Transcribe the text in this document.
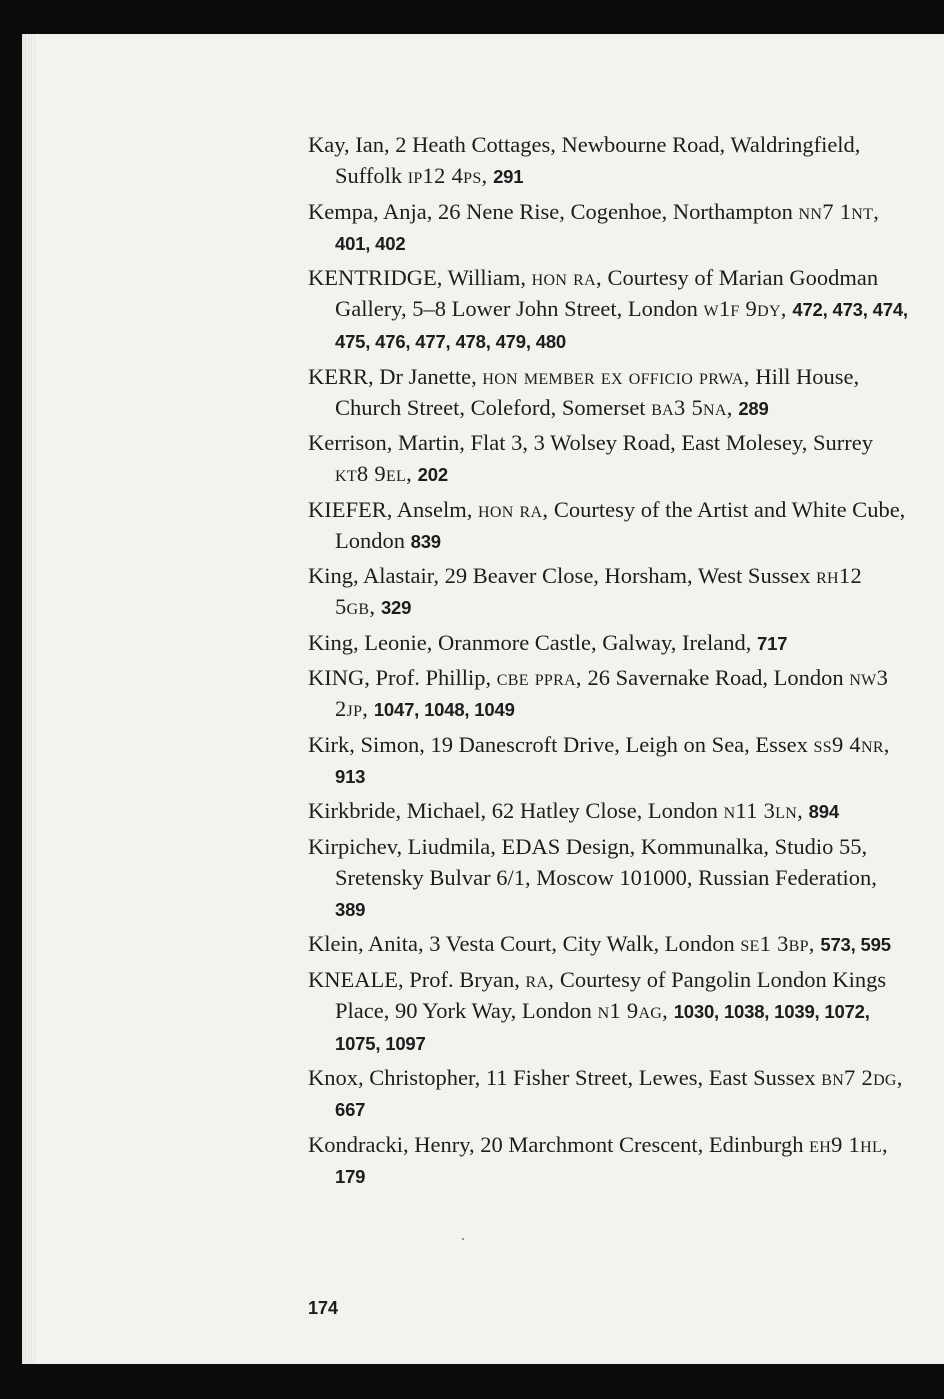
Kay, Ian, 2 Heath Cottages, Newbourne Road, Waldringfield, Suffolk ip12 4ps, 291

Kempa, Anja, 26 Nene Rise, Cogenhoe, Northampton nn7 1nt, 401, 402

KENTRIDGE, William, hon ra, Courtesy of Marian Goodman Gallery, 5–8 Lower John Street, London w1f 9dy, 472, 473, 474, 475, 476, 477, 478, 479, 480

KERR, Dr Janette, hon member ex officio prwa, Hill House, Church Street, Coleford, Somerset ba3 5na, 289

Kerrison, Martin, Flat 3, 3 Wolsey Road, East Molesey, Surrey kt8 9el, 202

KIEFER, Anselm, hon ra, Courtesy of the Artist and White Cube, London 839

King, Alastair, 29 Beaver Close, Horsham, West Sussex rh12 5gb, 329

King, Leonie, Oranmore Castle, Galway, Ireland, 717

KING, Prof. Phillip, cbe ppra, 26 Savernake Road, London nw3 2jp, 1047, 1048, 1049

Kirk, Simon, 19 Danescroft Drive, Leigh on Sea, Essex ss9 4nr, 913

Kirkbride, Michael, 62 Hatley Close, London n11 3ln, 894

Kirpichev, Liudmila, EDAS Design, Kommunalka, Studio 55, Sretensky Bulvar 6/1, Moscow 101000, Russian Federation, 389

Klein, Anita, 3 Vesta Court, City Walk, London se1 3bp, 573, 595

KNEALE, Prof. Bryan, ra, Courtesy of Pangolin London Kings Place, 90 York Way, London n1 9ag, 1030, 1038, 1039, 1072, 1075, 1097

Knox, Christopher, 11 Fisher Street, Lewes, East Sussex bn7 2dg, 667

Kondracki, Henry, 20 Marchmont Crescent, Edinburgh eh9 1hl, 179

174
